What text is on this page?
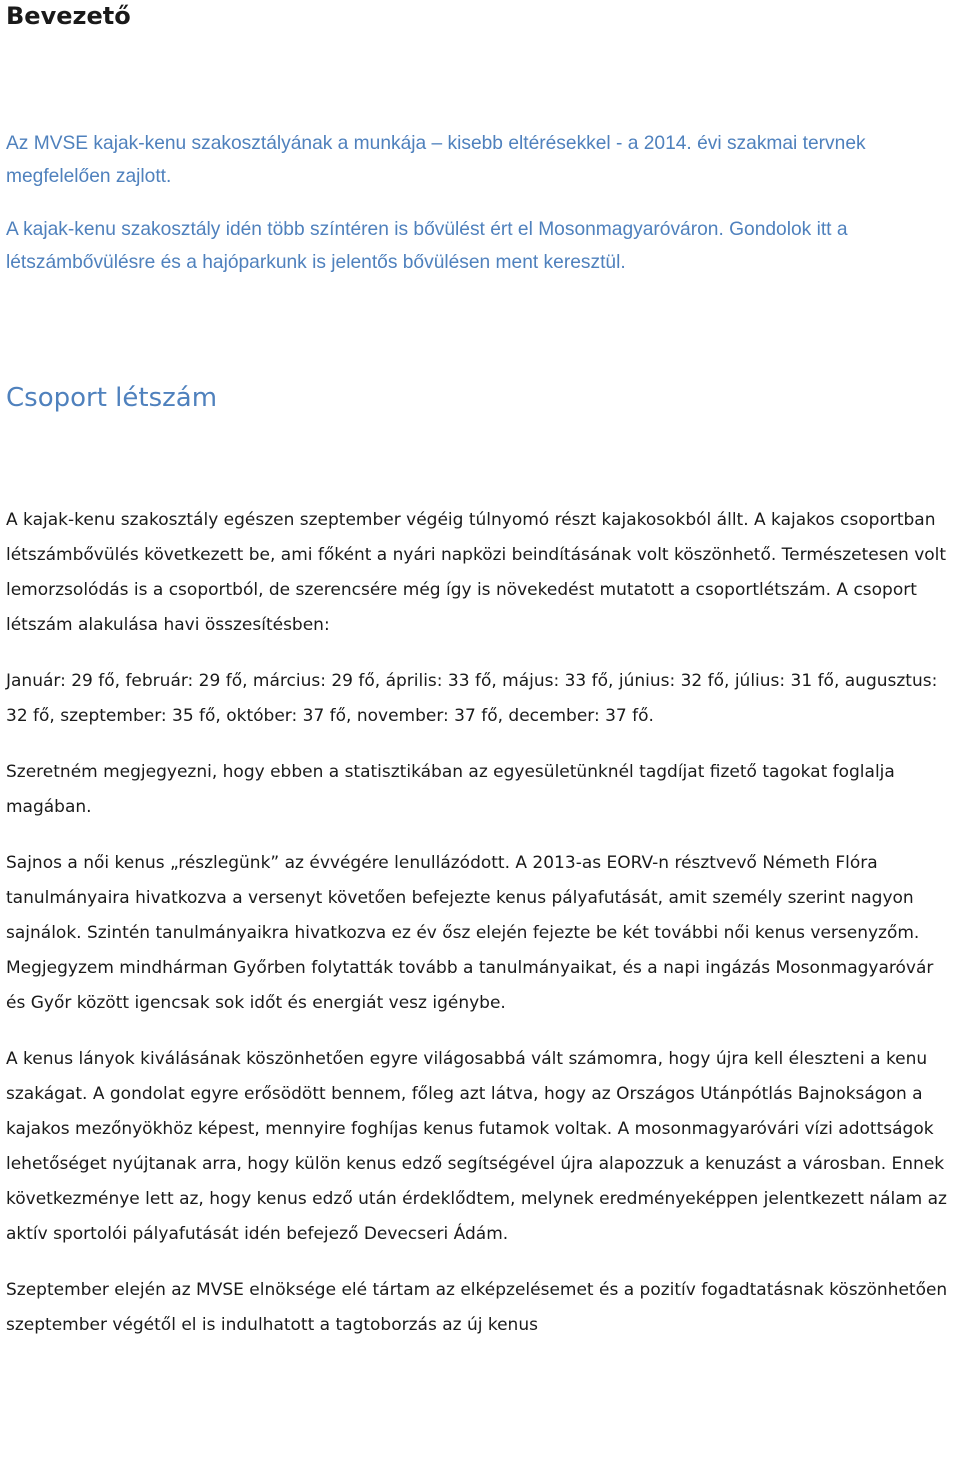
Bevezető

Az MVSE kajak-kenu szakosztályának a munkája – kisebb eltérésekkel - a 2014. évi szakmai tervnek megfelelően zajlott.

A kajak-kenu szakosztály idén több színtéren is bővülést ért el Mosonmagyaróváron. Gondolok itt a létszámbővülésre és a hajóparkunk is jelentős bővülésen ment keresztül.

Csoport létszám

A kajak-kenu szakosztály egészen szeptember végéig túlnyomó részt kajakosokból állt. A kajakos csoportban létszámbővülés következett be, ami főként a nyári napközi beindításának volt köszönhető. Természetesen volt lemorzsolódás is a csoportból, de szerencsére még így is növekedést mutatott a csoportlétszám. A csoport létszám alakulása havi összesítésben:

Január: 29 fő, február: 29 fő, március: 29 fő, április: 33 fő, május: 33 fő, június: 32 fő, július: 31 fő, augusztus: 32 fő, szeptember: 35 fő, október: 37 fő, november: 37 fő, december: 37 fő.

Szeretném megjegyezni, hogy ebben a statisztikában az egyesületünknél tagdíjat fizető tagokat foglalja magában.

Sajnos a női kenus „részlegünk” az évvégére lenullázódott. A 2013-as EORV-n résztvevő Németh Flóra tanulmányaira hivatkozva a versenyt követően befejezte kenus pályafutását, amit személy szerint nagyon sajnálok. Szintén tanulmányaikra hivatkozva ez év ősz elején fejezte be két további női kenus versenyzőm. Megjegyzem mindhárman Győrben folytatták tovább a tanulmányaikat, és a napi ingázás Mosonmagyaróvár és Győr között igencsak sok időt és energiát vesz igénybe.

A kenus lányok kiválásának köszönhetően egyre világosabbá vált számomra, hogy újra kell éleszteni a kenu szakágat. A gondolat egyre erősödött bennem, főleg azt látva, hogy az Országos Utánpótlás Bajnokságon a kajakos mezőnyökhöz képest, mennyire foghíjas kenus futamok voltak. A mosonmagyaróvári vízi adottságok lehetőséget nyújtanak arra, hogy külön kenus edző segítségével újra alapozzuk a kenuzást a városban. Ennek következménye lett az, hogy kenus edző után érdeklődtem, melynek eredményeképpen jelentkezett nálam az aktív sportolói pályafutását idén befejező Devecseri Ádám.

Szeptember elején az MVSE elnöksége elé tártam az elképzelésemet és a pozitív fogadtatásnak köszönhetően szeptember végétől el is indulhatott a tagtoborzás az új kenus
